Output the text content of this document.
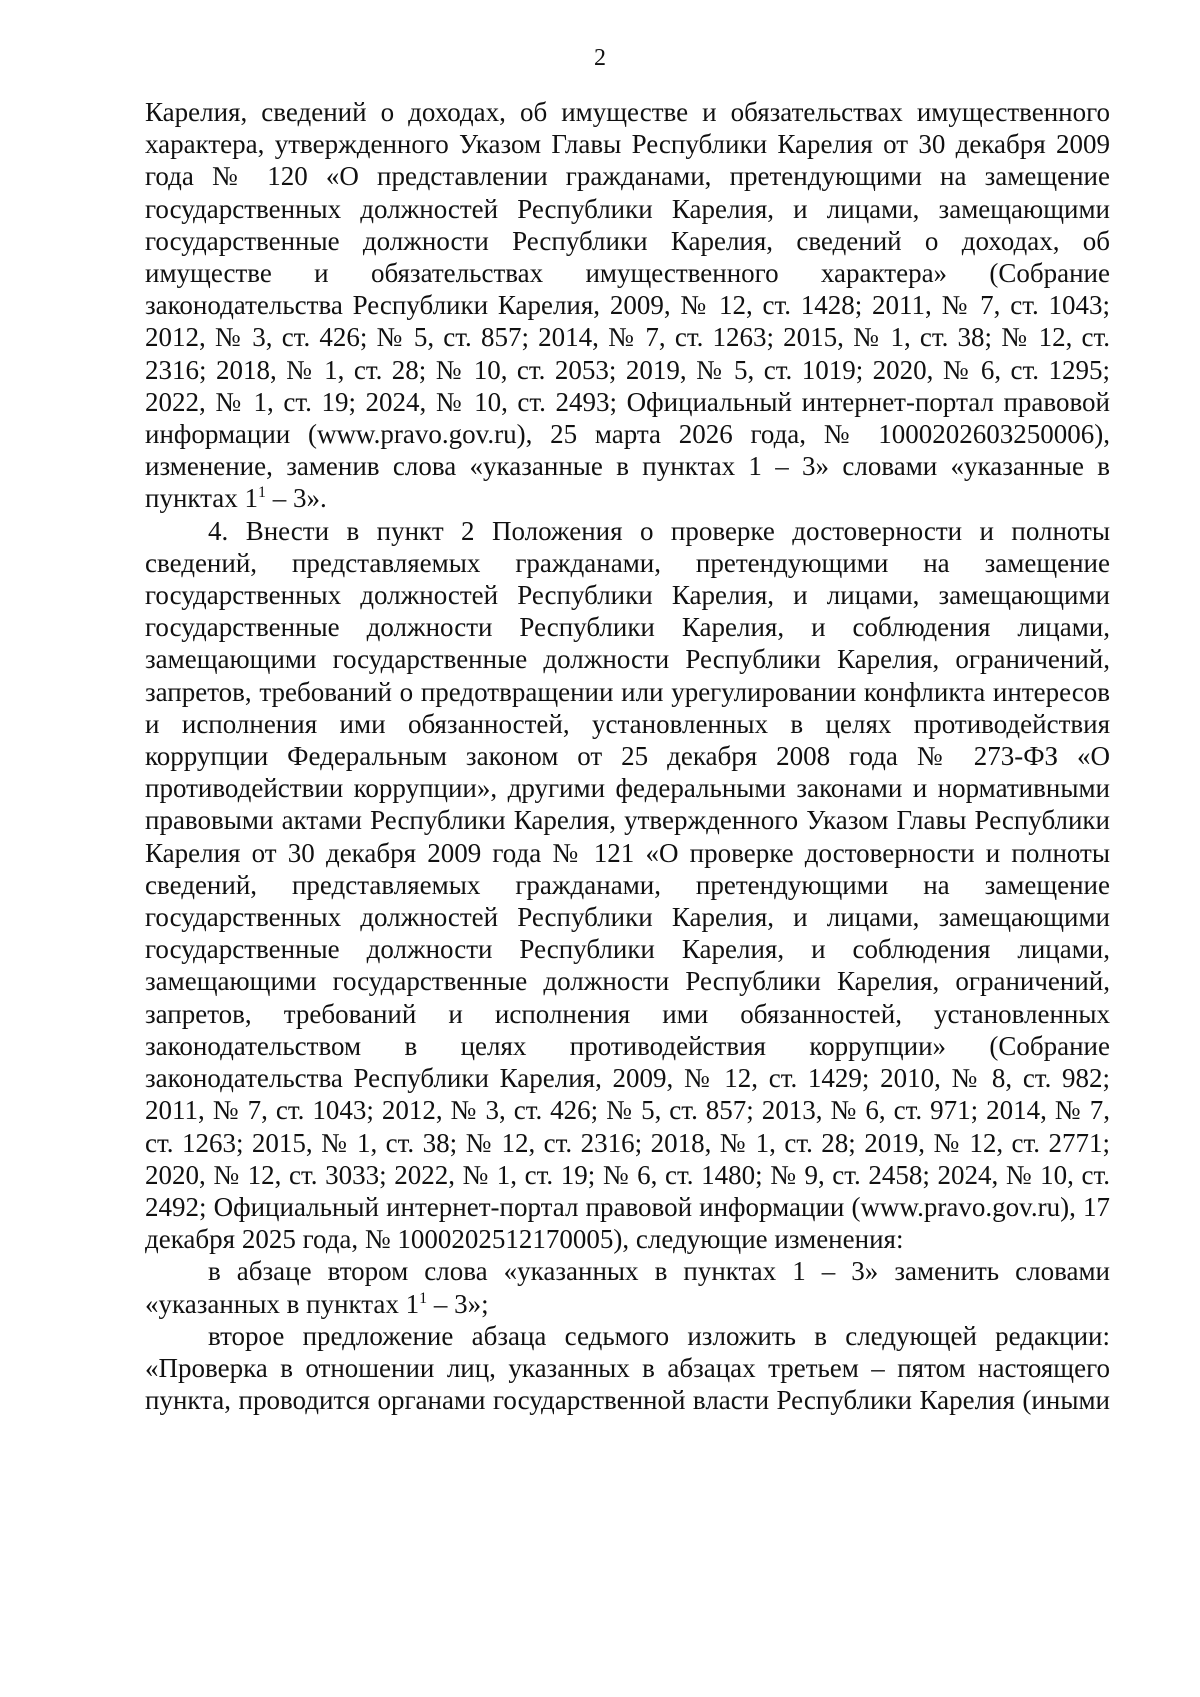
2

Карелия, сведений о доходах, об имуществе и обязательствах имущественного характера, утвержденного Указом Главы Республики Карелия от 30 декабря 2009 года № 120 «О представлении гражданами, претендующими на замещение государственных должностей Республики Карелия, и лицами, замещающими государственные должности Республики Карелия, сведений о доходах, об имуществе и обязательствах имущественного характера» (Собрание законодательства Республики Карелия, 2009, № 12, ст. 1428; 2011, № 7, ст. 1043; 2012, № 3, ст. 426; № 5, ст. 857; 2014, № 7, ст. 1263; 2015, № 1, ст. 38; № 12, ст. 2316; 2018, № 1, ст. 28; № 10, ст. 2053; 2019, № 5, ст. 1019; 2020, № 6, ст. 1295; 2022, № 1, ст. 19; 2024, № 10, ст. 2493; Официальный интернет-портал правовой информации (www.pravo.gov.ru), 25 марта 2026 года, № 1000202603250006), изменение, заменив слова «указанные в пунктах 1 – 3» словами «указанные в пунктах $1^1 - 3$».

4. Внести в пункт 2 Положения о проверке достоверности и полноты сведений, представляемых гражданами, претендующими на замещение государственных должностей Республики Карелия, и лицами, замещающими государственные должности Республики Карелия, и соблюдения лицами, замещающими государственные должности Республики Карелия, ограничений, запретов, требований о предотвращении или урегулировании конфликта интересов и исполнения ими обязанностей, установленных в целях противодействия коррупции Федеральным законом от 25 декабря 2008 года № 273-ФЗ «О противодействии коррупции», другими федеральными законами и нормативными правовыми актами Республики Карелия, утвержденного Указом Главы Республики Карелия от 30 декабря 2009 года № 121 «О проверке достоверности и полноты сведений, представляемых гражданами, претендующими на замещение государственных должностей Республики Карелия, и лицами, замещающими государственные должности Республики Карелия, и соблюдения лицами, замещающими государственные должности Республики Карелия, ограничений, запретов, требований и исполнения ими обязанностей, установленных законодательством в целях противодействия коррупции» (Собрание законодательства Республики Карелия, 2009, № 12, ст. 1429; 2010, № 8, ст. 982; 2011, № 7, ст. 1043; 2012, № 3, ст. 426; № 5, ст. 857; 2013, № 6, ст. 971; 2014, № 7, ст. 1263; 2015, № 1, ст. 38; № 12, ст. 2316; 2018, № 1, ст. 28; 2019, № 12, ст. 2771; 2020, № 12, ст. 3033; 2022, № 1, ст. 19; № 6, ст. 1480; № 9, ст. 2458; 2024, № 10, ст. 2492; Официальный интернет-портал правовой информации (www.pravo.gov.ru), 17 декабря 2025 года, № 1000202512170005), следующие изменения:

в абзаце втором слова «указанных в пунктах 1 – 3» заменить словами «указанных в пунктах $1^1 - 3$»;

второе предложение абзаца седьмого изложить в следующей редакции: «Проверка в отношении лиц, указанных в абзацах третьем – пятом настоящего пункта, проводится органами государственной власти Республики Карелия (иными
